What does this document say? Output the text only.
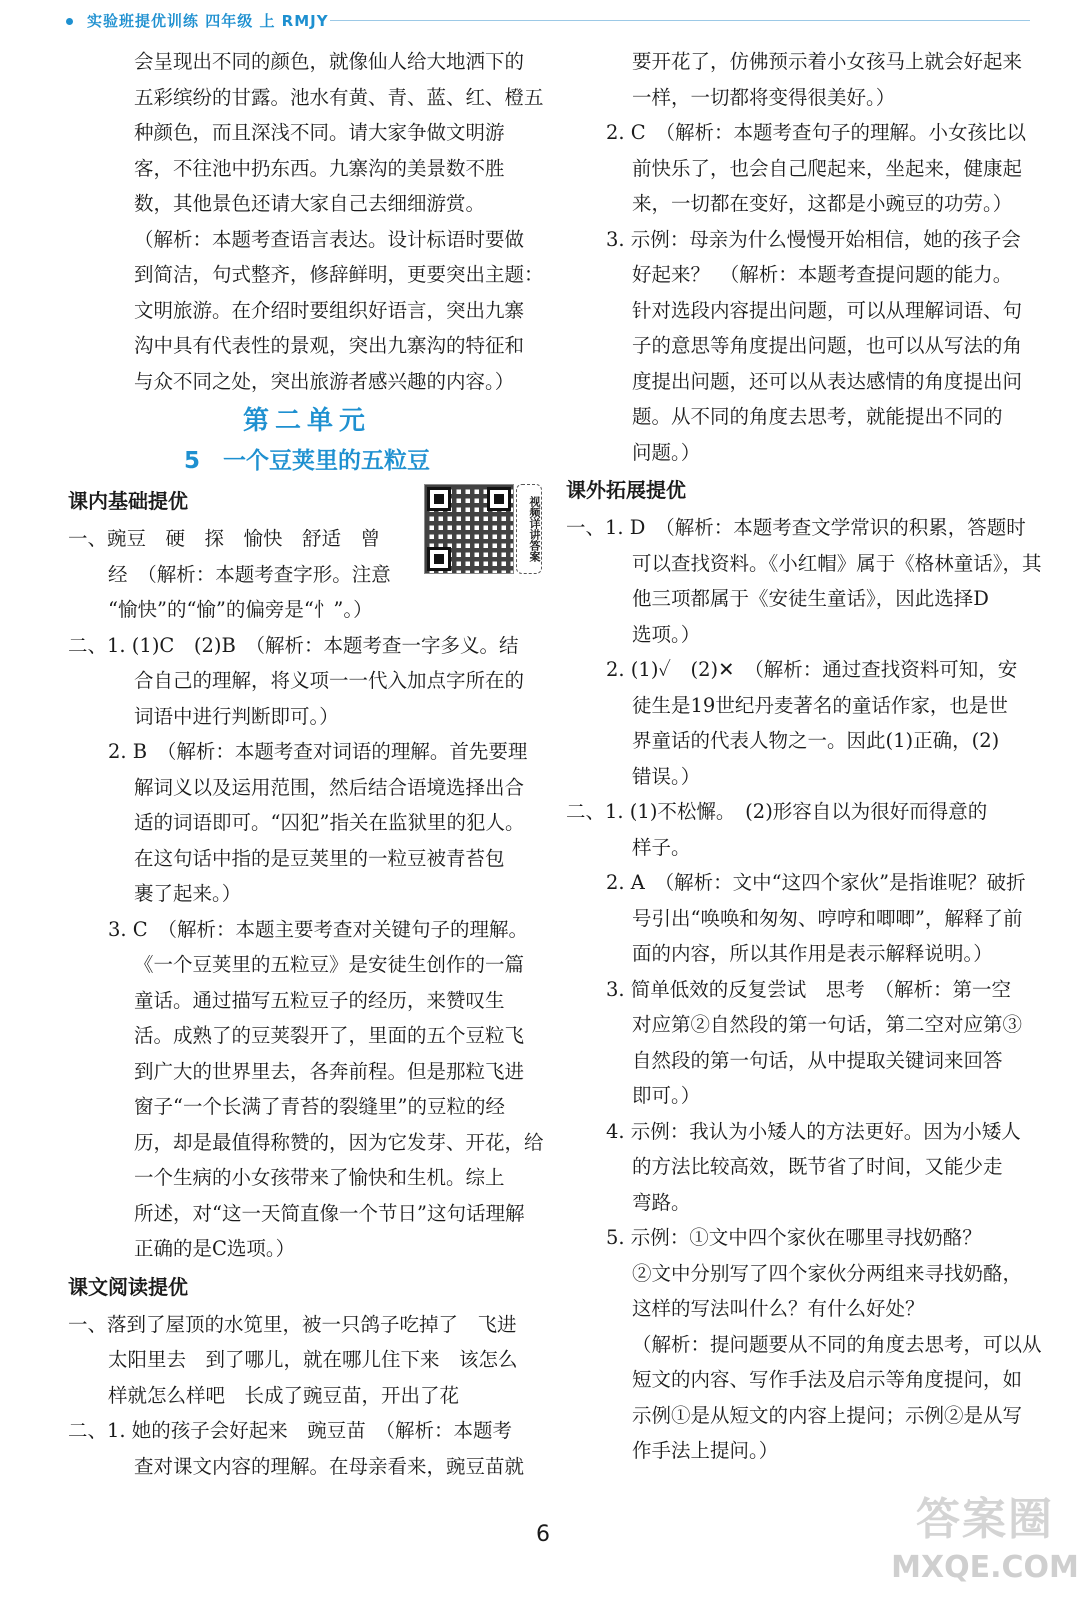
实验班提优训练 四年级 上 RMJY

会呈现出不同的颜色，就像仙人给大地洒下的

五彩缤纷的甘露。池水有黄、青、蓝、红、橙五

种颜色，而且深浅不同。请大家争做文明游

客，不往池中扔东西。九寨沟的美景数不胜

数，其他景色还请大家自己去细细游赏。

（解析：本题考查语言表达。设计标语时要做

到简洁，句式整齐，修辞鲜明，更要突出主题：

文明旅游。在介绍时要组织好语言，突出九寨

沟中具有代表性的景观，突出九寨沟的特征和

与众不同之处，突出旅游者感兴趣的内容。）

第二单元

5　一个豆荚里的五粒豆

课内基础提优

一、豌豆　硬　探　愉快　舒适　曾

经　（解析：本题考查字形。注意

“愉快”的“愉”的偏旁是“忄”。）

二、1. (1)C　(2)B　（解析：本题考查一字多义。结

合自己的理解，将义项一一代入加点字所在的

词语中进行判断即可。）

2. B　（解析：本题考查对词语的理解。首先要理

解词义以及运用范围，然后结合语境选择出合

适的词语即可。“囚犯”指关在监狱里的犯人。

在这句话中指的是豆荚里的一粒豆被青苔包

裹了起来。）

3. C　（解析：本题主要考查对关键句子的理解。

《一个豆荚里的五粒豆》是安徒生创作的一篇

童话。通过描写五粒豆子的经历，来赞叹生

活。成熟了的豆荚裂开了，里面的五个豆粒飞

到广大的世界里去，各奔前程。但是那粒飞进

窗子“一个长满了青苔的裂缝里”的豆粒的经

历，却是最值得称赞的，因为它发芽、开花，给

一个生病的小女孩带来了愉快和生机。综上

所述，对“这一天简直像一个节日”这句话理解

正确的是C选项。）

课文阅读提优

一、落到了屋顶的水笕里，被一只鸽子吃掉了　飞进

太阳里去　到了哪儿，就在哪儿住下来　该怎么

样就怎么样吧　长成了豌豆苗，开出了花

二、1. 她的孩子会好起来　豌豆苗　（解析：本题考

查对课文内容的理解。在母亲看来，豌豆苗就

视频详讲答案

要开花了，仿佛预示着小女孩马上就会好起来

一样，一切都将变得很美好。）

2. C　（解析：本题考查句子的理解。小女孩比以

前快乐了，也会自己爬起来，坐起来，健康起

来，一切都在变好，这都是小豌豆的功劳。）

3. 示例：母亲为什么慢慢开始相信，她的孩子会

好起来？　（解析：本题考查提问题的能力。

针对选段内容提出问题，可以从理解词语、句

子的意思等角度提出问题，也可以从写法的角

度提出问题，还可以从表达感情的角度提出问

题。从不同的角度去思考，就能提出不同的

问题。）

课外拓展提优

一、1. D　（解析：本题考查文学常识的积累，答题时

可以查找资料。《小红帽》属于《格林童话》，其

他三项都属于《安徒生童话》，因此选择D

选项。）

2. (1)✓　(2)✕　（解析：通过查找资料可知，安

徒生是19世纪丹麦著名的童话作家，也是世

界童话的代表人物之一。因此(1)正确，(2)

错误。）

二、1. (1)不松懈。　(2)形容自以为很好而得意的

样子。

2. A　（解析：文中“这四个家伙”是指谁呢？破折

号引出“唤唤和匆匆、哼哼和唧唧”，解释了前

面的内容，所以其作用是表示解释说明。）

3. 简单低效的反复尝试　思考　（解析：第一空

对应第②自然段的第一句话，第二空对应第③

自然段的第一句话，从中提取关键词来回答

即可。）

4. 示例：我认为小矮人的方法更好。因为小矮人

的方法比较高效，既节省了时间，又能少走

弯路。

5. 示例：①文中四个家伙在哪里寻找奶酪？

②文中分别写了四个家伙分两组来寻找奶酪，

这样的写法叫什么？有什么好处？

（解析：提问题要从不同的角度去思考，可以从

短文的内容、写作手法及启示等角度提问，如

示例①是从短文的内容上提问；示例②是从写

作手法上提问。）

6	答案圈
MXQE.COM
